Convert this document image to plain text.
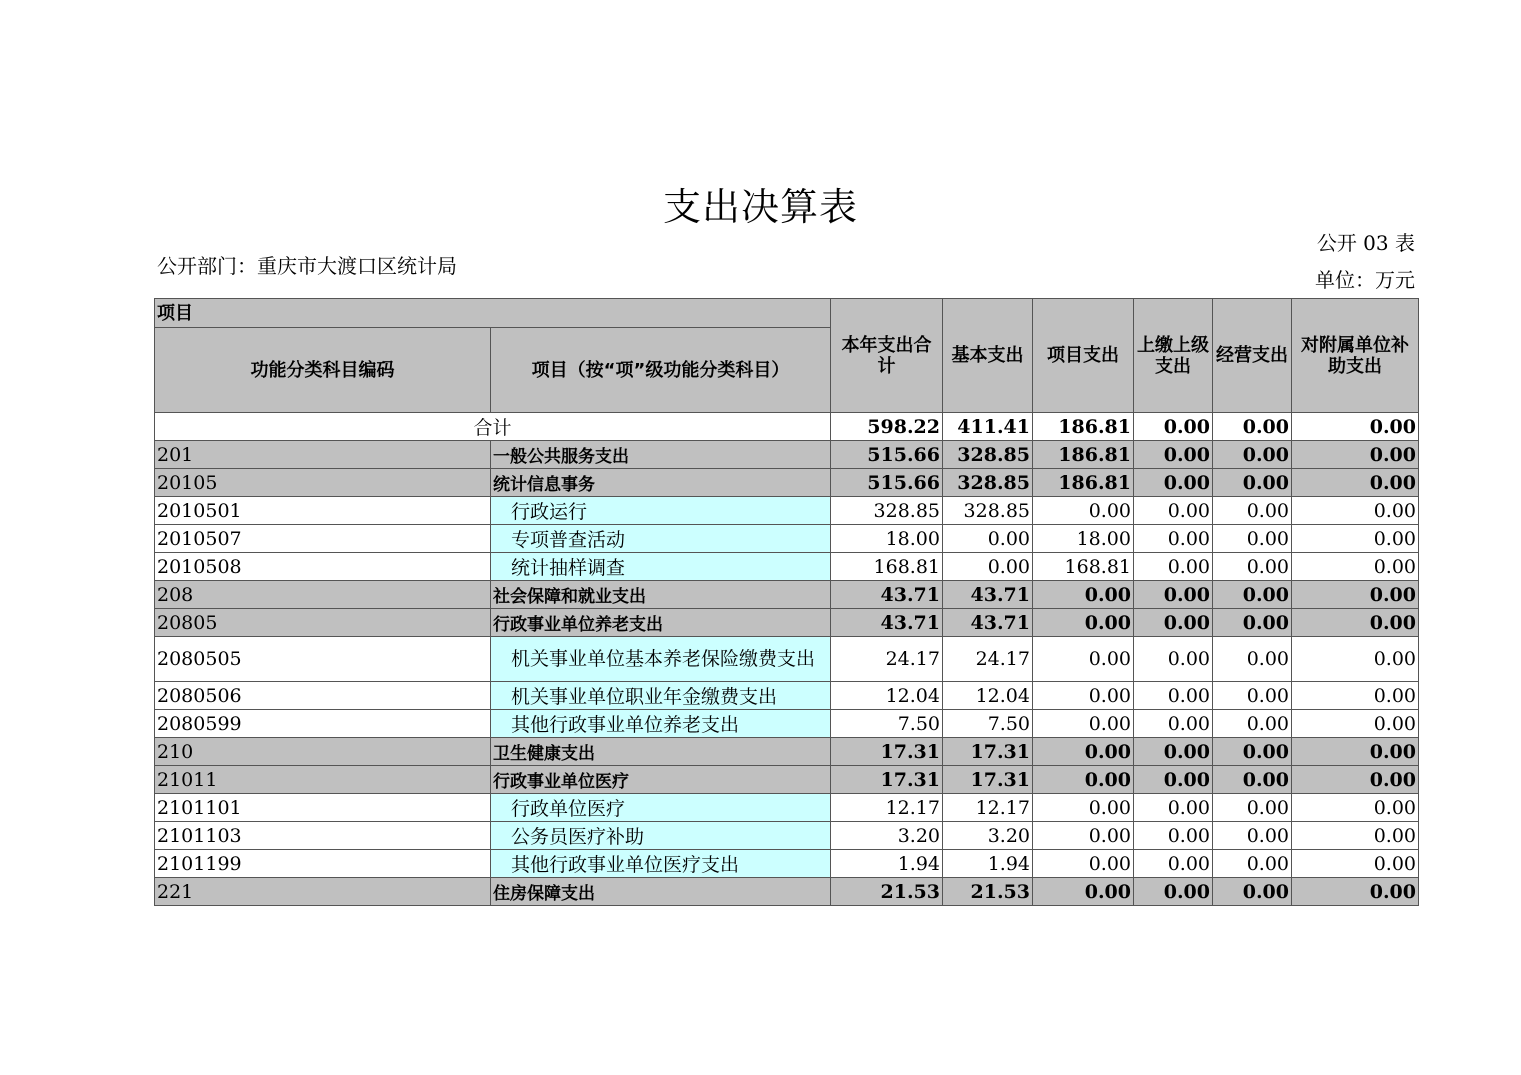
支出决算表
公开 03 表
公开部门：重庆市大渡口区统计局
单位：万元
项目		本年支出合计	基本支出	项目支出	上缴上级支出	经营支出	对附属单位补助支出
功能分类科目编码	项目（按“项”级功能分类科目）						
合计		598.22	411.41	186.81	0.00	0.00	0.00
201	一般公共服务支出	515.66	328.85	186.81	0.00	0.00	0.00
20105	统计信息事务	515.66	328.85	186.81	0.00	0.00	0.00
2010501	行政运行	328.85	328.85	0.00	0.00	0.00	0.00
2010507	专项普查活动	18.00	0.00	18.00	0.00	0.00	0.00
2010508	统计抽样调查	168.81	0.00	168.81	0.00	0.00	0.00
208	社会保障和就业支出	43.71	43.71	0.00	0.00	0.00	0.00
20805	行政事业单位养老支出	43.71	43.71	0.00	0.00	0.00	0.00
2080505	机关事业单位基本养老保险缴费支出	24.17	24.17	0.00	0.00	0.00	0.00
2080506	机关事业单位职业年金缴费支出	12.04	12.04	0.00	0.00	0.00	0.00
2080599	其他行政事业单位养老支出	7.50	7.50	0.00	0.00	0.00	0.00
210	卫生健康支出	17.31	17.31	0.00	0.00	0.00	0.00
21011	行政事业单位医疗	17.31	17.31	0.00	0.00	0.00	0.00
2101101	行政单位医疗	12.17	12.17	0.00	0.00	0.00	0.00
2101103	公务员医疗补助	3.20	3.20	0.00	0.00	0.00	0.00
2101199	其他行政事业单位医疗支出	1.94	1.94	0.00	0.00	0.00	0.00
221	住房保障支出	21.53	21.53	0.00	0.00	0.00	0.00
